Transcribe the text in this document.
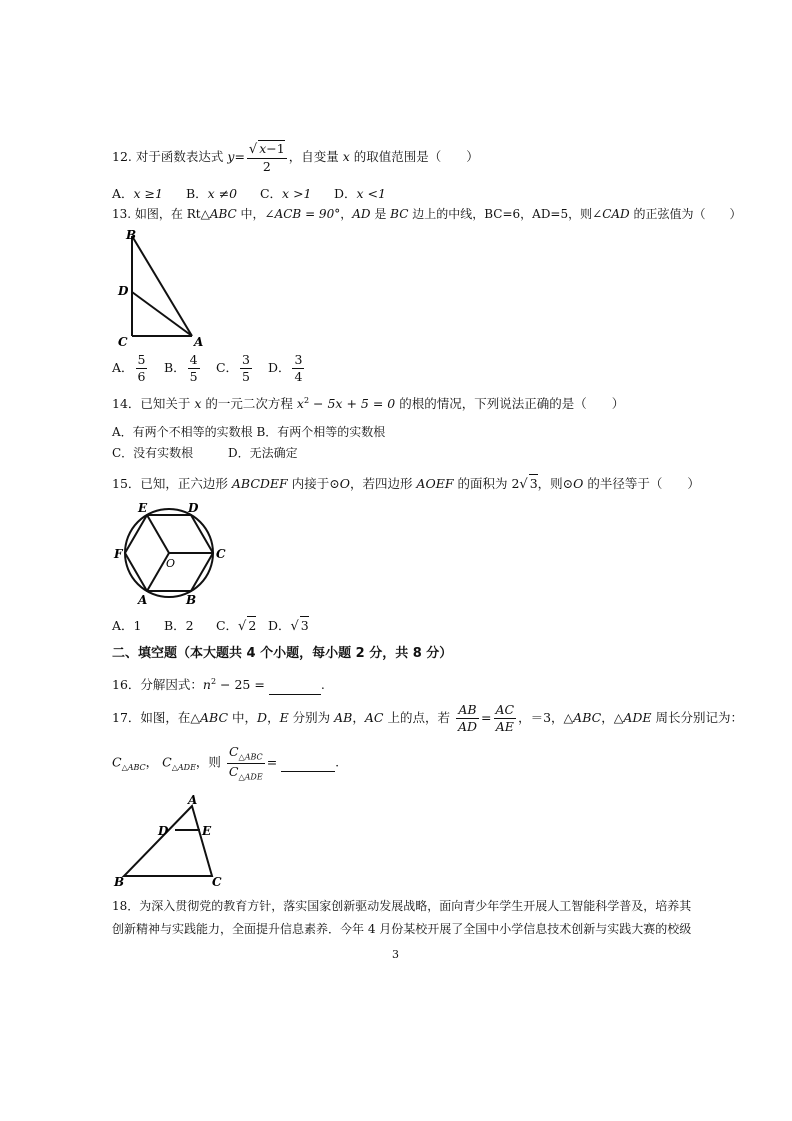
12. 对于函数表达式 $y= \frac{√ x-1}{2}$ ，自变量 x 的取值范围是（　　）
A．x ≥1 B．x ≠0 C．x >1 D．x <1
13. 如图，在 Rt△ABC 中，∠ACB = 90°，AD 是 BC 边上的中线，BC=6，AD=5，则∠CAD 的正弦值为（　　）
B
D
C	A
A． $\frac{5}{6}$ B． $\frac{4}{5}$ C． $\frac{3}{5}$ D． $\frac{3}{4}$
14．已知关于 x 的一元二次方程 $x^2 - 5x + 5 = 0$ 的根的情况，下列说法正确的是（　　）
A．有两个不相等的实数根 B．有两个相等的实数根
C．没有实数根	D．无法确定
15．已知，正六边形 ABCDEF 内接于⊙O，若四边形 AOEF 的面积为 2√ 3，则⊙O 的半径等于（　　）
E	D
F	C
O
A	B
A．1 B．2 C．√ 2 D．√ 3
二、填空题（本大题共 4 个小题，每小题 2 分，共 8 分）
16．分解因式：$n^2 - 25$ =	.
17．如图，在△ABC 中，D，E 分别为 AB，AC 上的点，若 $\frac{AB}{AD} = \frac{AC}{AE}$ ，＝3，△ABC，△ADE 周长分别记为：
$C_{\triangle ABC}$， $C_{\triangle ADE}$，则 $\frac{C_{\triangle ABC}}{C_{\triangle ADE}}$ =	.
A
D	E
B	C
18．为深入贯彻党的教育方针，落实国家创新驱动发展战略，面向青少年学生开展人工智能科学普及，培养其
创新精神与实践能力，全面提升信息素养．今年 4 月份某校开展了全国中小学信息技术创新与实践大赛的校级
3
